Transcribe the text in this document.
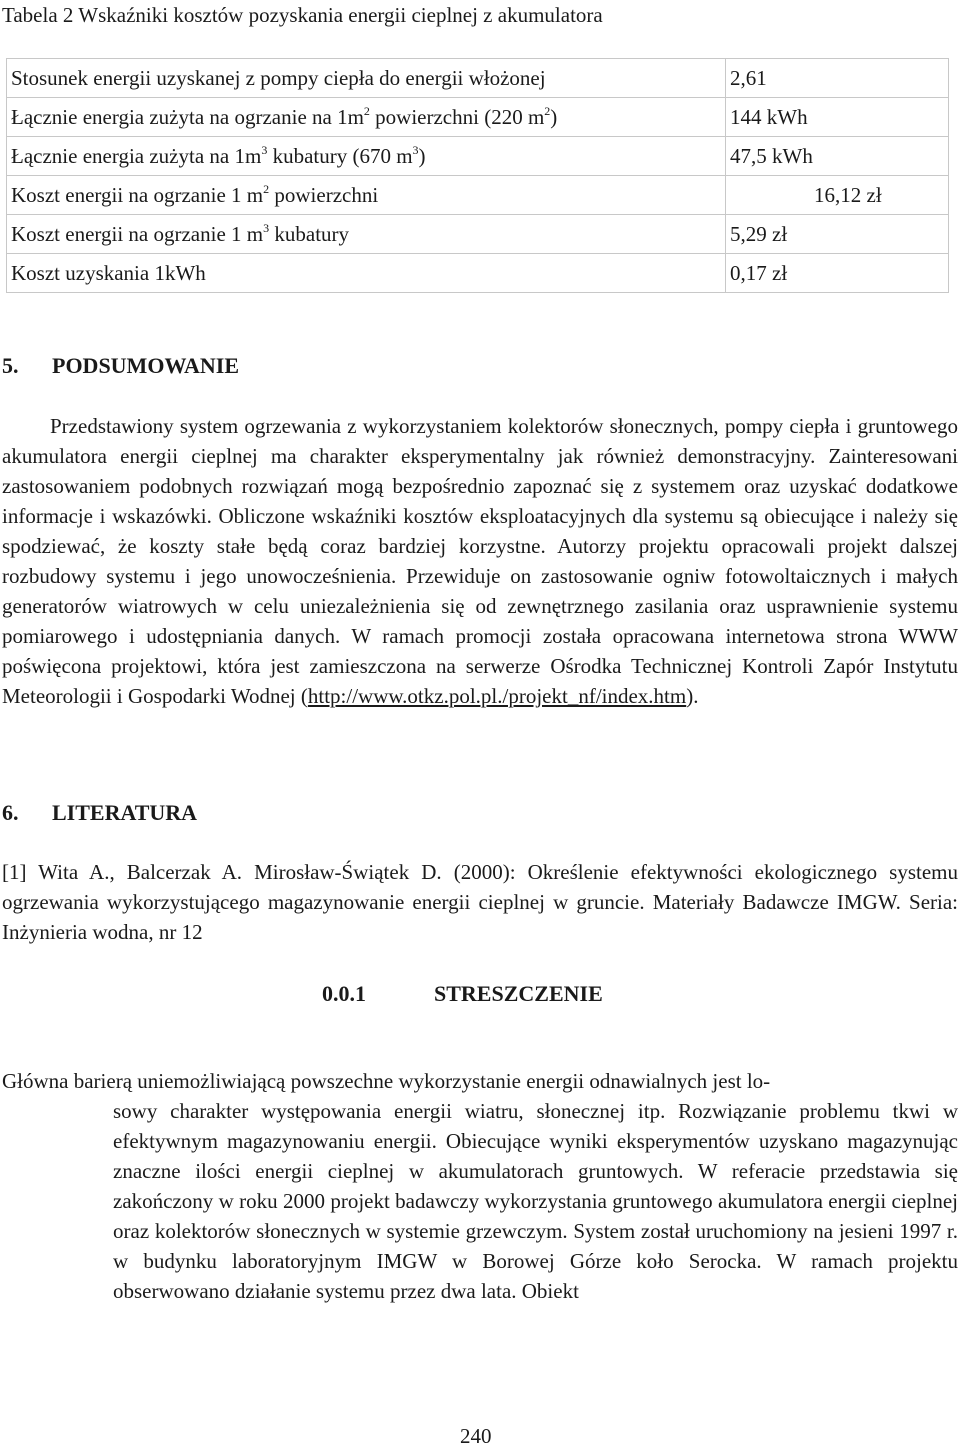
Tabela 2 Wskaźniki kosztów pozyskania energii cieplnej z akumulatora
Stosunek energii uzyskanej z pompy ciepła do energii włożonej	2,61
Łącznie energia zużyta na ogrzanie na $1m^2$ powierzchni (220 $m^2$)	144 kWh
Łącznie energia zużyta na $1m^3$ kubatury (670 $m^3$)	47,5 kWh
Koszt energii na ogrzanie 1 $m^2$ powierzchni	16,12 zł
Koszt energii na ogrzanie 1 $m^3$ kubatury	5,29 zł
Koszt uzyskania 1kWh	0,17 zł
5. PODSUMOWANIE

Przedstawiony system ogrzewania z wykorzystaniem kolektorów słonecznych, pompy ciepła i gruntowego akumulatora energii cieplnej ma charakter eksperymentalny jak również demonstracyjny. Zainteresowani zastosowaniem podobnych rozwiązań mogą bezpośrednio zapoznać się z systemem oraz uzyskać dodatkowe informacje i wskazówki. Obliczone wskaźniki kosztów eksploatacyjnych dla systemu są obiecujące i należy się spodziewać, że koszty stałe będą coraz bardziej korzystne. Autorzy projektu opracowali projekt dalszej rozbudowy systemu i jego unowocześnienia. Przewiduje on zastosowanie ogniw fotowoltaicznych i małych generatorów wiatrowych w celu uniezależnienia się od zewnętrznego zasilania oraz usprawnienie systemu pomiarowego i udostępniania danych. W ramach promocji została opracowana internetowa strona WWW poświęcona projektowi, która jest zamieszczona na serwerze Ośrodka Technicznej Kontroli Zapór Instytutu Meteorologii i Gospodarki Wodnej (http://www.otkz.pol.pl./projekt_nf/index.htm).

6. LITERATURA

[1] Wita A., Balcerzak A. Mirosław-Świątek D. (2000): Określenie efektywności ekologicznego systemu ogrzewania wykorzystującego magazynowanie energii cieplnej w gruncie. Materiały Badawcze IMGW. Seria: Inżynieria wodna, nr 12

0.0.1	STRESZCZENIE

Główna barierą uniemożliwiającą powszechne wykorzystanie energii odnawialnych jest lo-

sowy charakter występowania energii wiatru, słonecznej itp. Rozwiązanie problemu tkwi w efektywnym magazynowaniu energii. Obiecujące wyniki eksperymentów uzyskano magazynując znaczne ilości energii cieplnej w akumulatorach gruntowych. W referacie przedstawia się zakończony w roku 2000 projekt badawczy wykorzystania gruntowego akumulatora energii cieplnej oraz kolektorów słonecznych w systemie grzewczym. System został uruchomiony na jesieni 1997 r. w budynku laboratoryjnym IMGW w Borowej Górze koło Serocka. W ramach projektu obserwowano działanie systemu przez dwa lata. Obiekt

240
